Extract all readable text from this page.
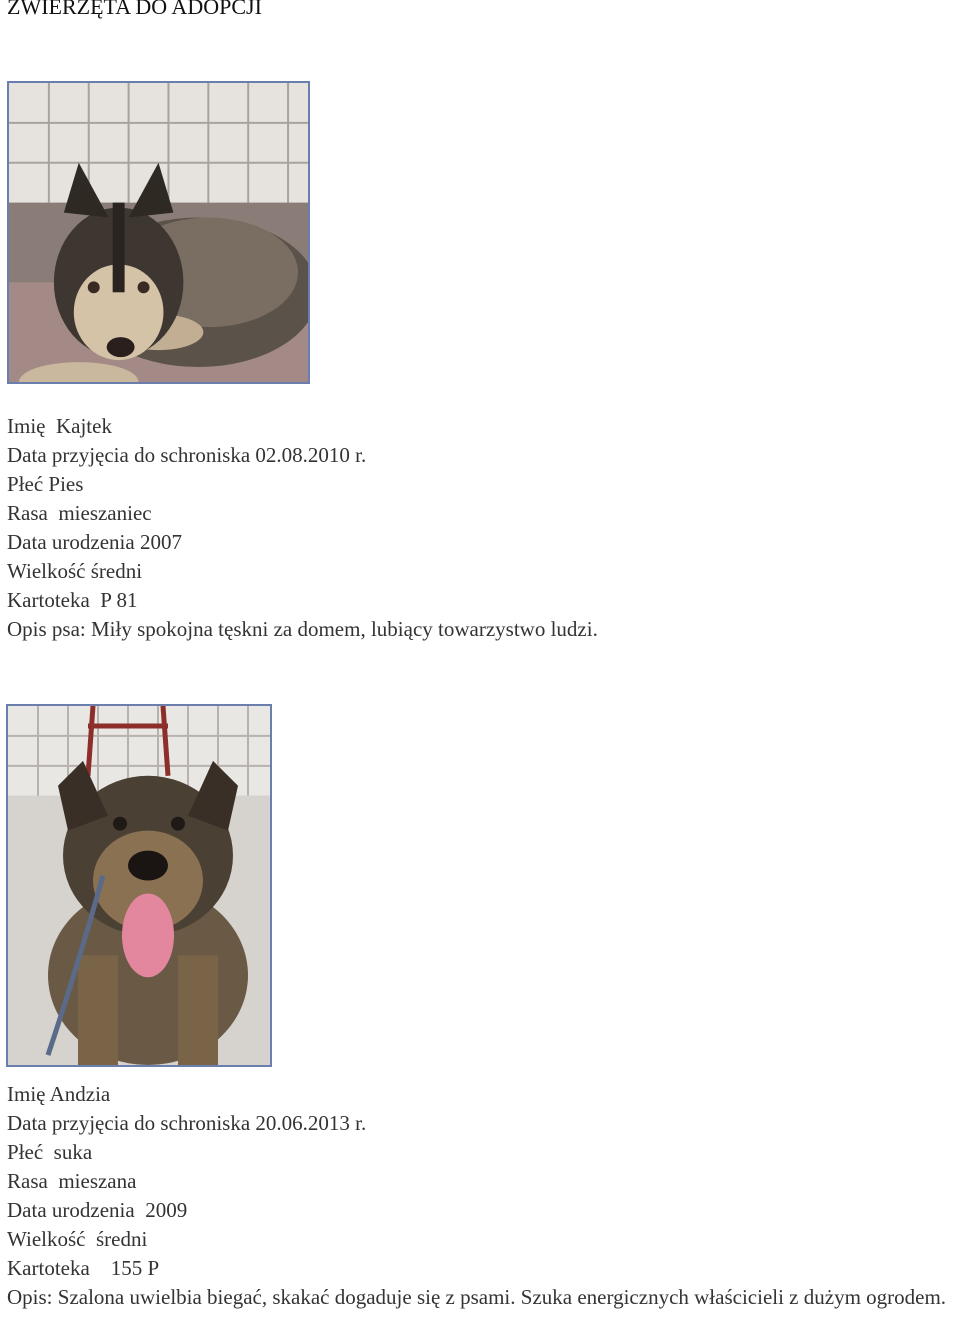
ZWIERZĘTA DO ADOPCJI
Imię Kajtek
Data przyjęcia do schroniska 02.08.2010 r.
Płeć Pies
Rasa mieszaniec
Data urodzenia 2007
Wielkość średni
Kartoteka P 81
Opis psa: Miły spokojna tęskni za domem, lubiący towarzystwo ludzi.
Imię Andzia
Data przyjęcia do schroniska 20.06.2013 r.
Płeć suka
Rasa mieszana
Data urodzenia 2009
Wielkość średni
Kartoteka 155 P
Opis: Szalona uwielbia biegać, skakać dogaduje się z psami. Szuka energicznych właścicieli z dużym ogrodem.
